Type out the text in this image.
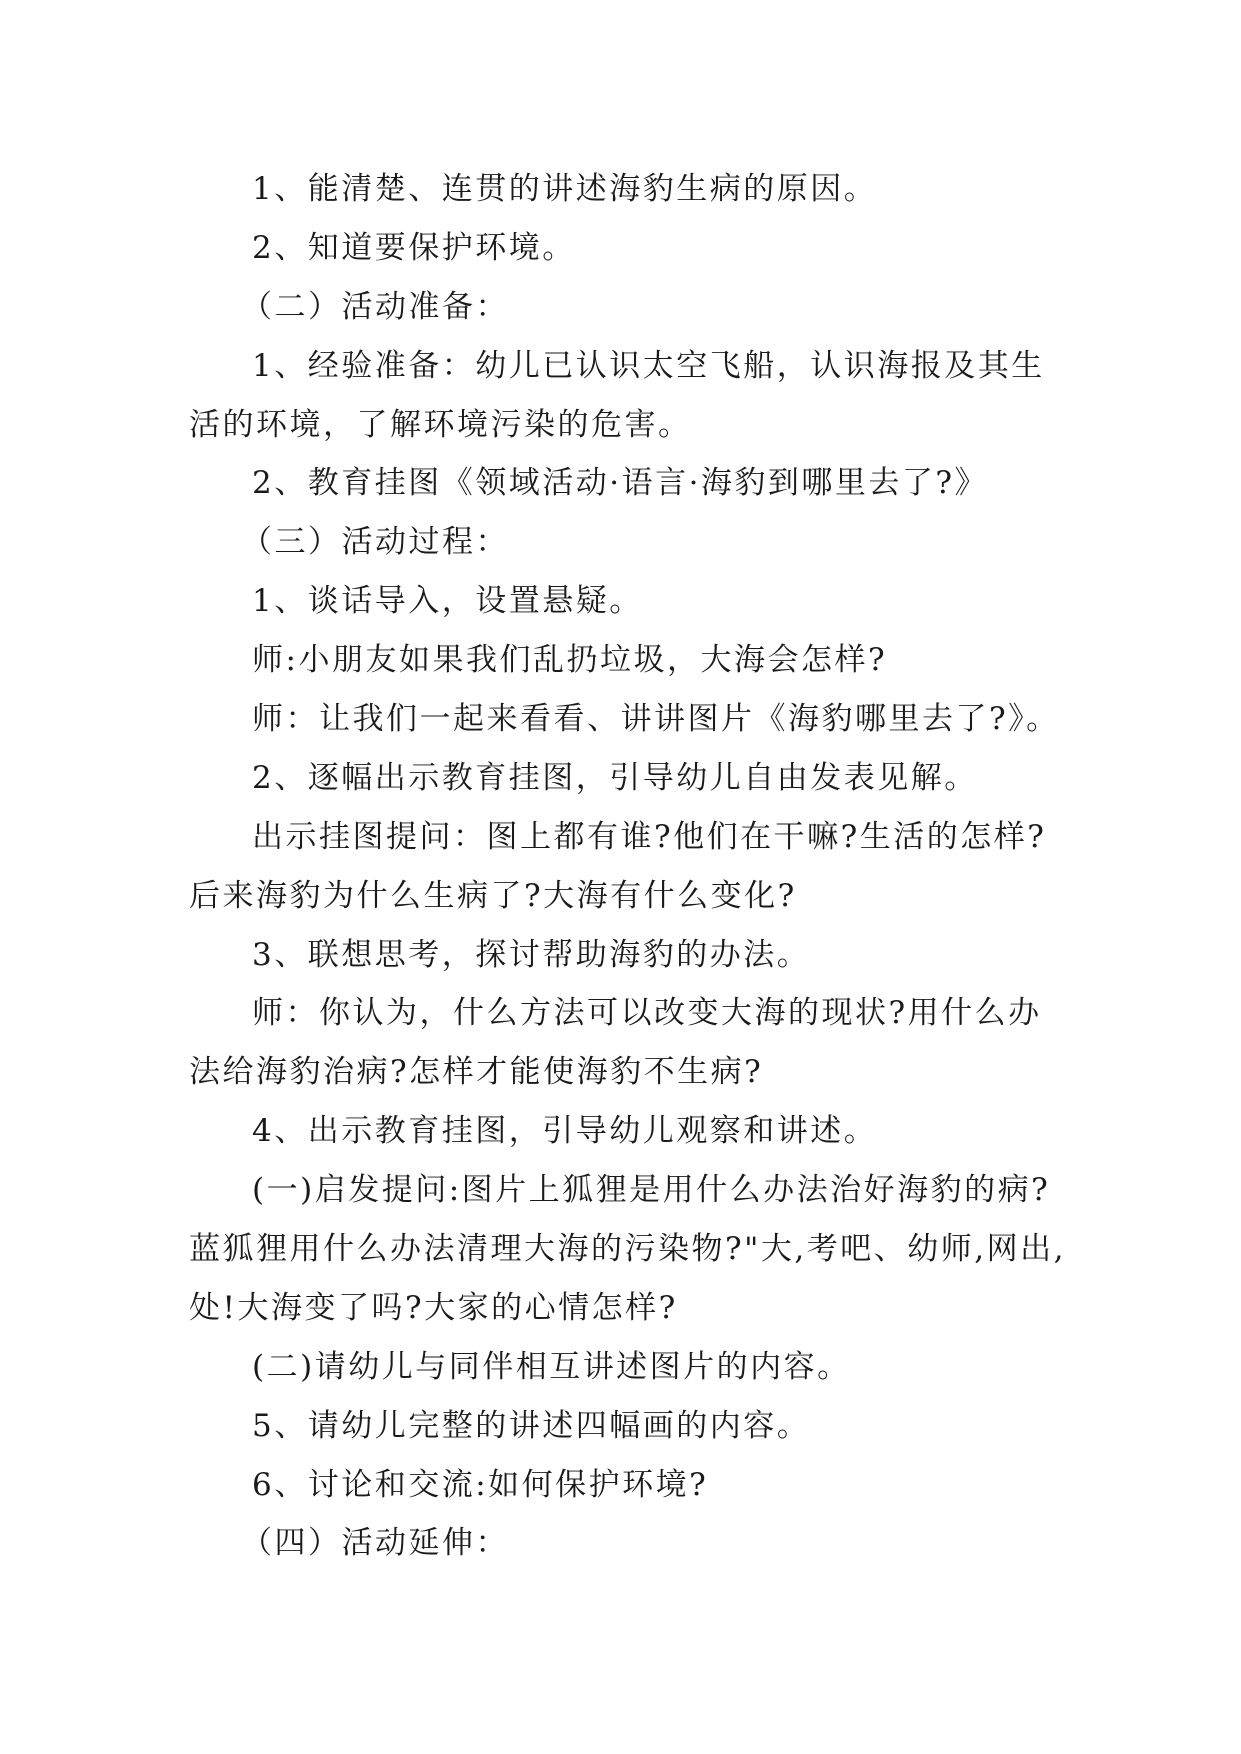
1、能清楚、连贯的讲述海豹生病的原因。
2、知道要保护环境。
（二）活动准备：
1、经验准备：幼儿已认识太空飞船，认识海报及其生
活的环境，了解环境污染的危害。
2、教育挂图《领域活动·语言·海豹到哪里去了?》
（三）活动过程：
1、谈话导入，设置悬疑。
师:小朋友如果我们乱扔垃圾，大海会怎样?
师：让我们一起来看看、讲讲图片《海豹哪里去了?》。
2、逐幅出示教育挂图，引导幼儿自由发表见解。
出示挂图提问：图上都有谁?他们在干嘛?生活的怎样?
后来海豹为什么生病了?大海有什么变化?
3、联想思考，探讨帮助海豹的办法。
师：你认为，什么方法可以改变大海的现状?用什么办
法给海豹治病?怎样才能使海豹不生病?
4、出示教育挂图，引导幼儿观察和讲述。
(一)启发提问:图片上狐狸是用什么办法治好海豹的病?
蓝狐狸用什么办法清理大海的污染物?"大,考吧、幼师,网出,
处!大海变了吗?大家的心情怎样?
(二)请幼儿与同伴相互讲述图片的内容。
5、请幼儿完整的讲述四幅画的内容。
6、讨论和交流:如何保护环境?
（四）活动延伸：
